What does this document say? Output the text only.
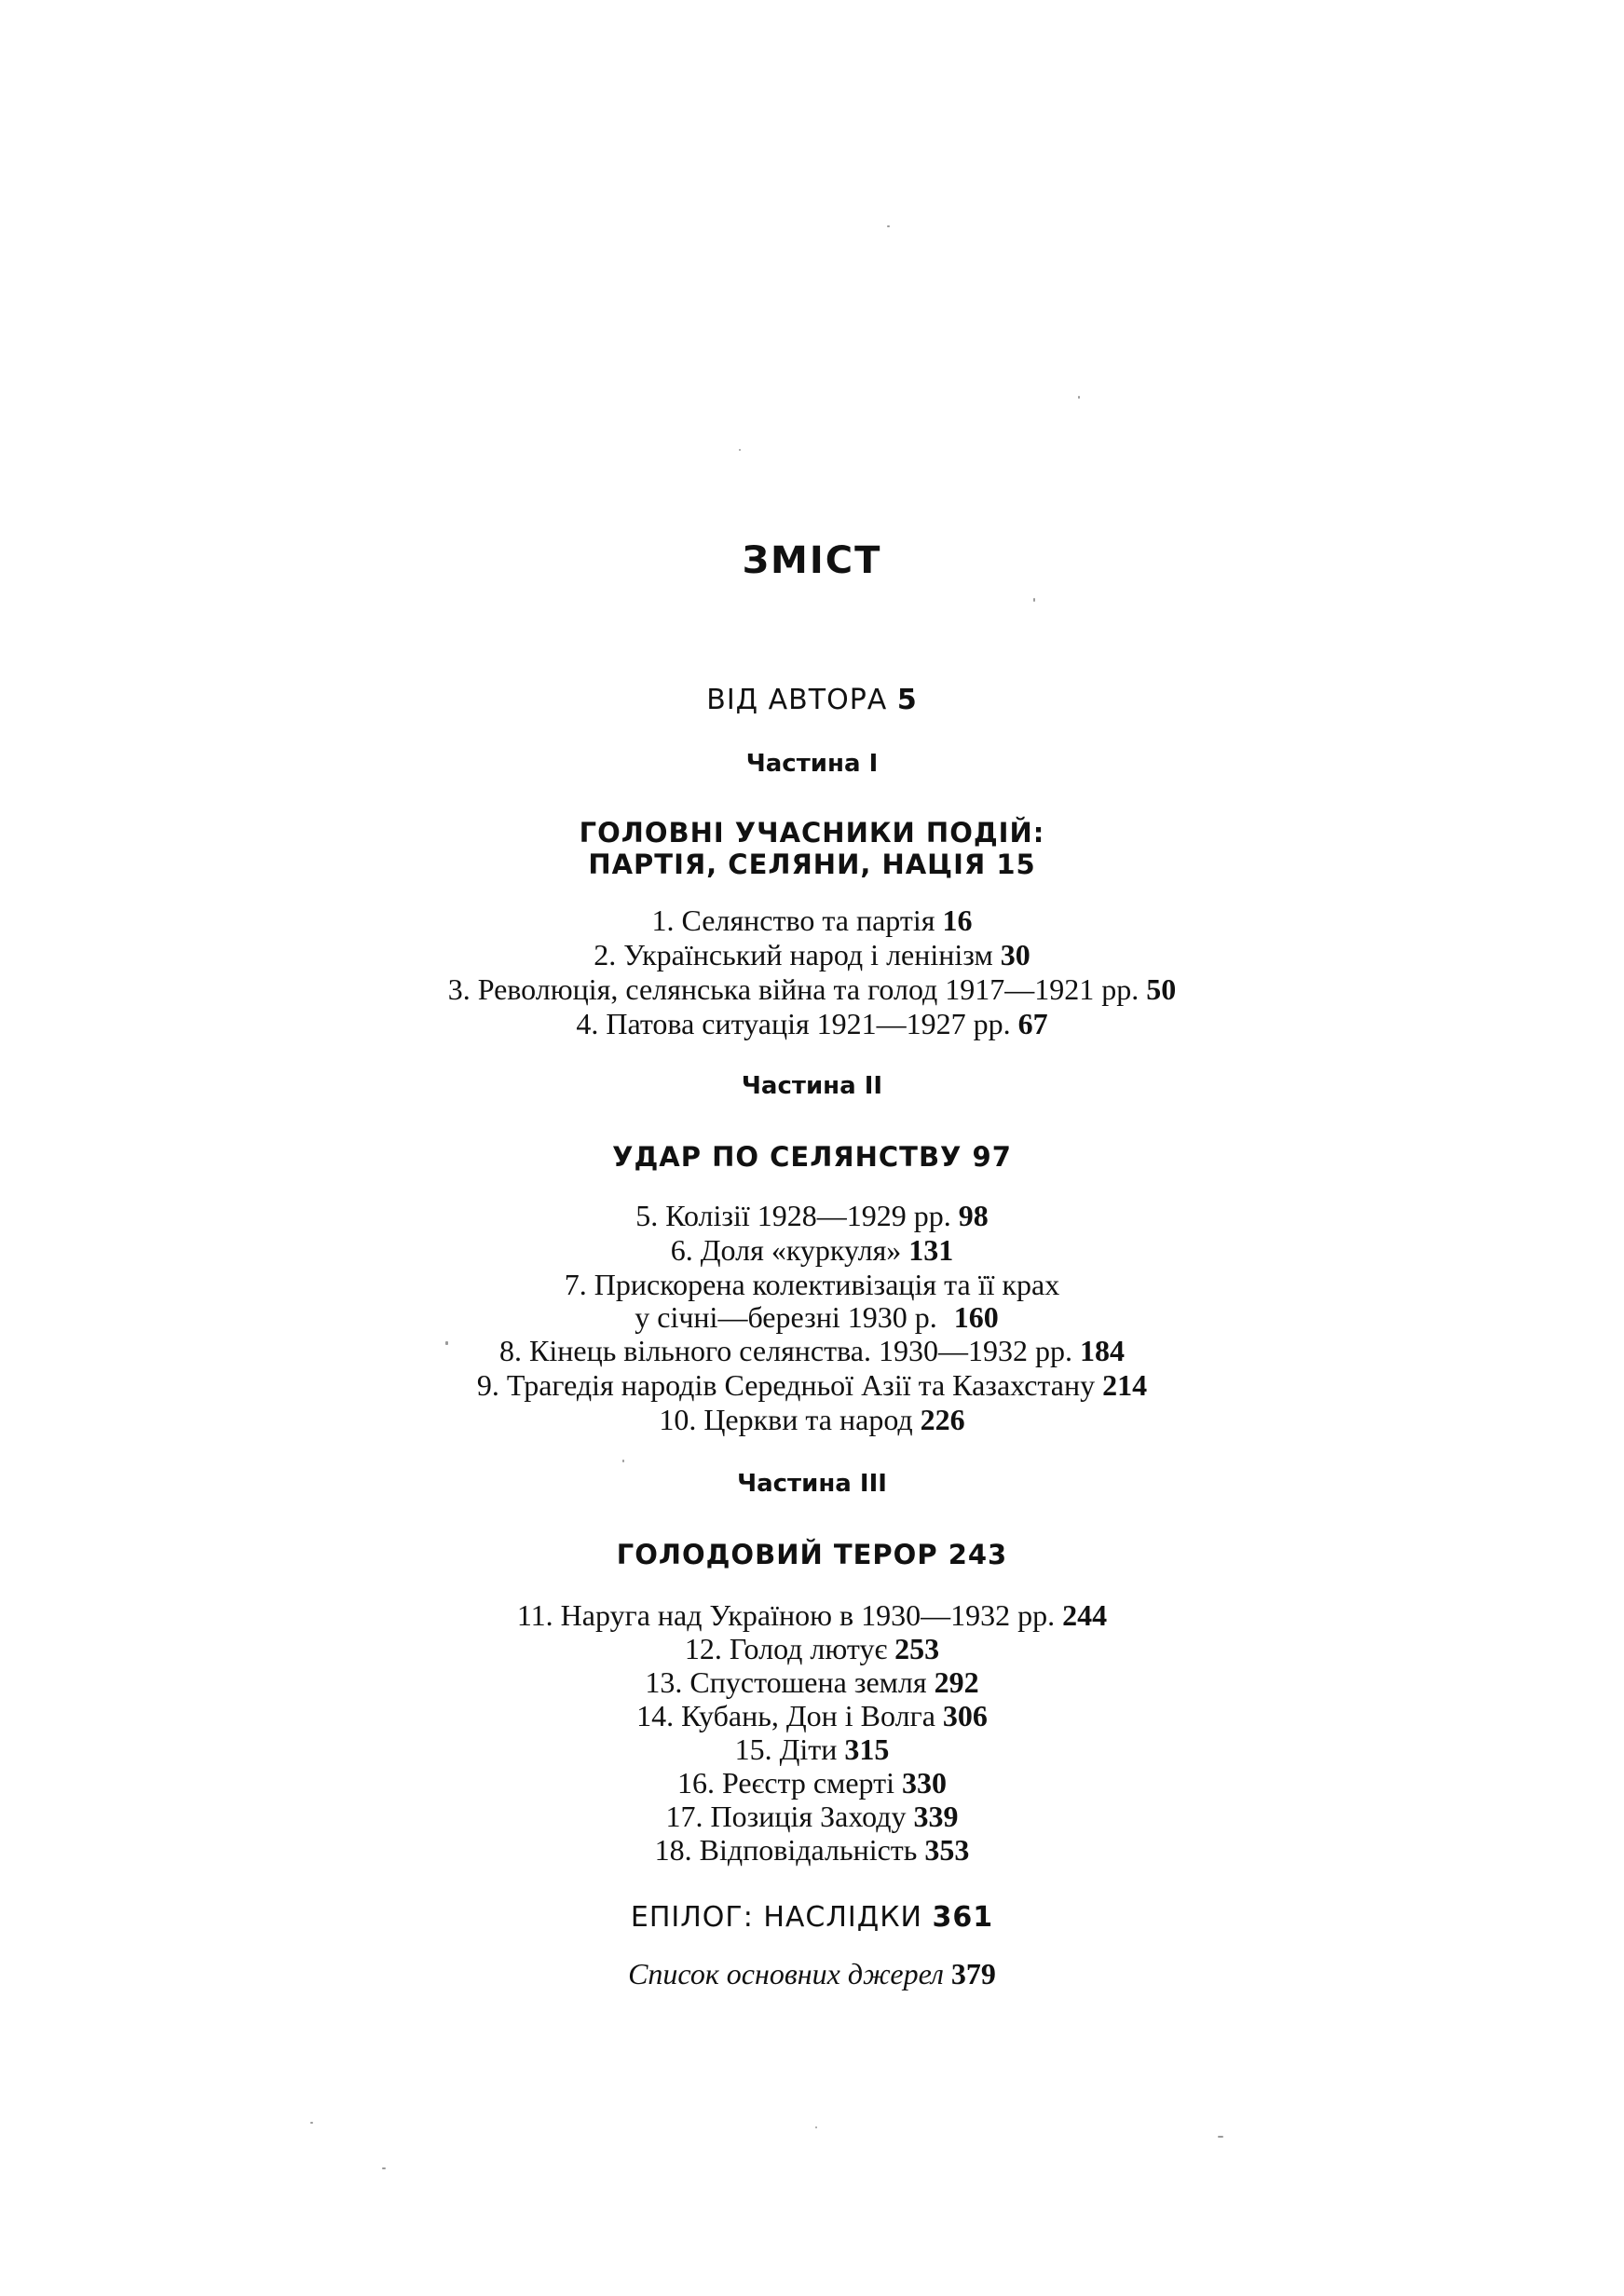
ЗМІСТ
ВІД АВТОРА 5
Частина I
ГОЛОВНІ УЧАСНИКИ ПОДІЙ:
ПАРТІЯ, СЕЛЯНИ, НАЦІЯ 15
1. Селянство та партія 16
2. Український народ і ленінізм 30
3. Революція, селянська війна та голод 1917—1921 рр. 50
4. Патова ситуація 1921—1927 рр. 67
Частина II
УДАР ПО СЕЛЯНСТВУ 97
5. Колізії 1928—1929 рр. 98
6. Доля «куркуля» 131
7. Прискорена колективізація та її крах
у січні—березні 1930 р. 160
8. Кінець вільного селянства. 1930—1932 рр. 184
9. Трагедія народів Середньої Азії та Казахстану 214
10. Церкви та народ 226
Частина III
ГОЛОДОВИЙ ТЕРОР 243
11. Наруга над Україною в 1930—1932 рр. 244
12. Голод лютує 253
13. Спустошена земля 292
14. Кубань, Дон і Волга 306
15. Діти 315
16. Реєстр смерті 330
17. Позиція Заходу 339
18. Відповідальність 353
ЕПІЛОГ: НАСЛІДКИ 361
Список основних джерел 379
